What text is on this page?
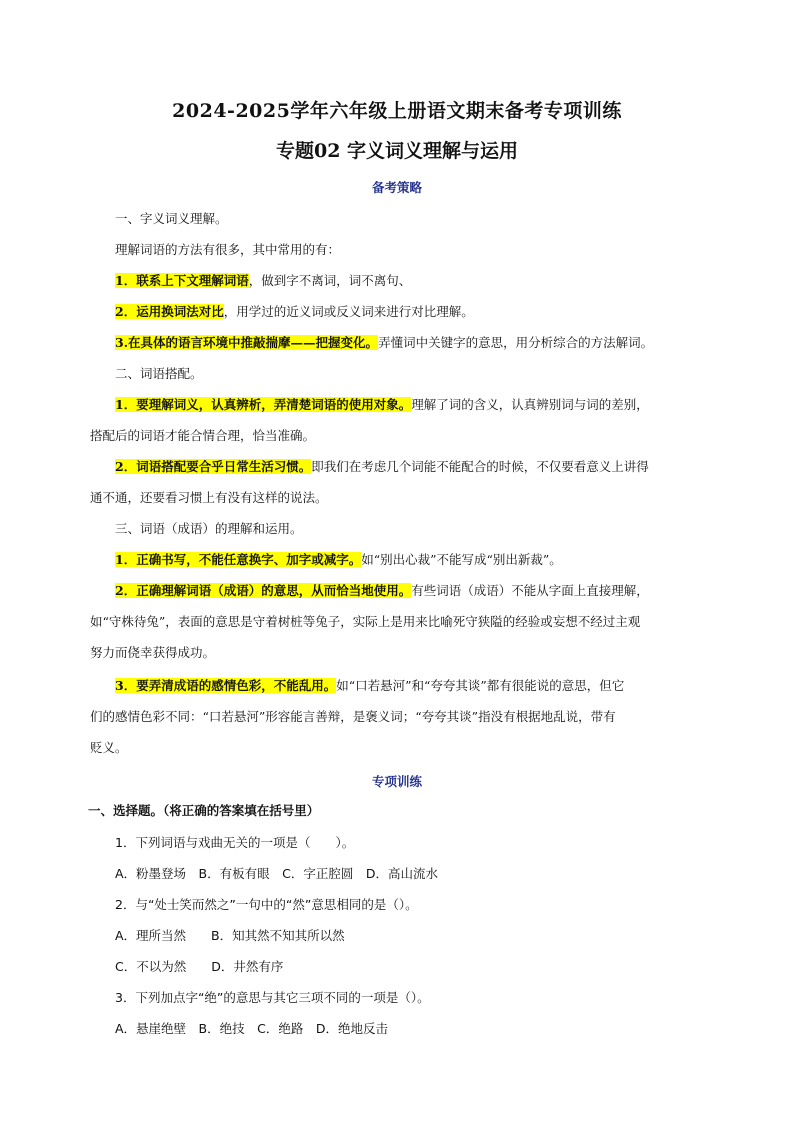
2024-2025学年六年级上册语文期末备考专项训练
专题02 字义词义理解与运用
备考策略
一、字义词义理解。
理解词语的方法有很多，其中常用的有：
1．联系上下文理解词语，做到字不离词，词不离句、
2．运用换词法对比，用学过的近义词或反义词来进行对比理解。
3.在具体的语言环境中推敲揣摩——把握变化。弄懂词中关键字的意思，用分析综合的方法解词。
二、词语搭配。
1．要理解词义，认真辨析，弄清楚词语的使用对象。理解了词的含义，认真辨别词与词的差别，
搭配后的词语才能合情合理，恰当准确。
2．词语搭配要合乎日常生活习惯。即我们在考虑几个词能不能配合的时候，不仅要看意义上讲得
通不通，还要看习惯上有没有这样的说法。
三、词语（成语）的理解和运用。
1．正确书写，不能任意换字、加字或减字。如“别出心裁”不能写成“别出新裁”。
2．正确理解词语（成语）的意思，从而恰当地使用。有些词语（成语）不能从字面上直接理解，
如“守株待兔”，表面的意思是守着树桩等兔子，实际上是用来比喻死守狭隘的经验或妄想不经过主观
努力而侥幸获得成功。
3．要弄清成语的感情色彩，不能乱用。如“口若悬河”和“夸夸其谈”都有很能说的意思，但它
们的感情色彩不同：“口若悬河”形容能言善辩，是褒义词；“夸夸其谈”指没有根据地乱说，带有
贬义。
专项训练
一、选择题。（将正确的答案填在括号里）
1．下列词语与戏曲无关的一项是（　　）。
A．粉墨登场　B．有板有眼　C．字正腔圆　D．高山流水
2．与“处士笑而然之”一句中的“然”意思相同的是（）。
A．理所当然　　B．知其然不知其所以然
C．不以为然　　D．井然有序
3．下列加点字“绝”的意思与其它三项不同的一项是（）。
A．悬崖绝壁　B．绝技　C．绝路　D．绝地反击
